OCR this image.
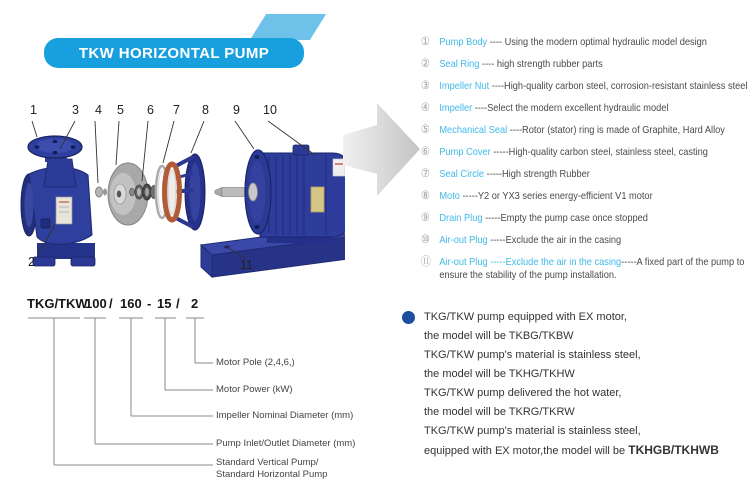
TKW HORIZONTAL PUMP
1
2
3 4 5 6 7 8 9 10
11
① Pump Body ---- Using the modern optimal hydraulic model design
② Seal Ring ---- high strength rubber parts
③ Impeller Nut ----High-quality carbon steel, corrosion-resistant stainless steel
④ Impeller ----Select the modern excellent hydraulic model
⑤ Mechanical Seal ----Rotor (stator) ring is made of Graphite, Hard Alloy
⑥ Pump Cover -----High-quality carbon steel, stainless steel, casting
⑦ Seal Circle -----High strength Rubber
⑧ Moto -----Y2 or YX3 series energy-efficient V1 motor
⑨ Drain Plug -----Empty the pump case once stopped
⑩ Air-out Plug -----Exclude the air in the casing
⑪ Air-out Plug -----Exclude the air in the casing-----A fixed part of the pump to ensure the stability of the pump installation.
TKG/TKW
100 / 160 - 15 / 2
Motor Pole (2,4,6,)
Motor Power (kW)
Impeller Nominal Diameter (mm)
Pump Inlet/Outlet Diameter (mm)
Standard Vertical Pump/
Standard Horizontal Pump
TKG/TKW pump equipped with EX motor,
the model will be TKBG/TKBW
TKG/TKW pump's material is stainless steel,
the model will be TKHG/TKHW
TKG/TKW pump delivered the hot water,
the model will be TKRG/TKRW
TKG/TKW pump's material is stainless steel,
equipped with EX motor,the model will be TKHGB/TKHWB
